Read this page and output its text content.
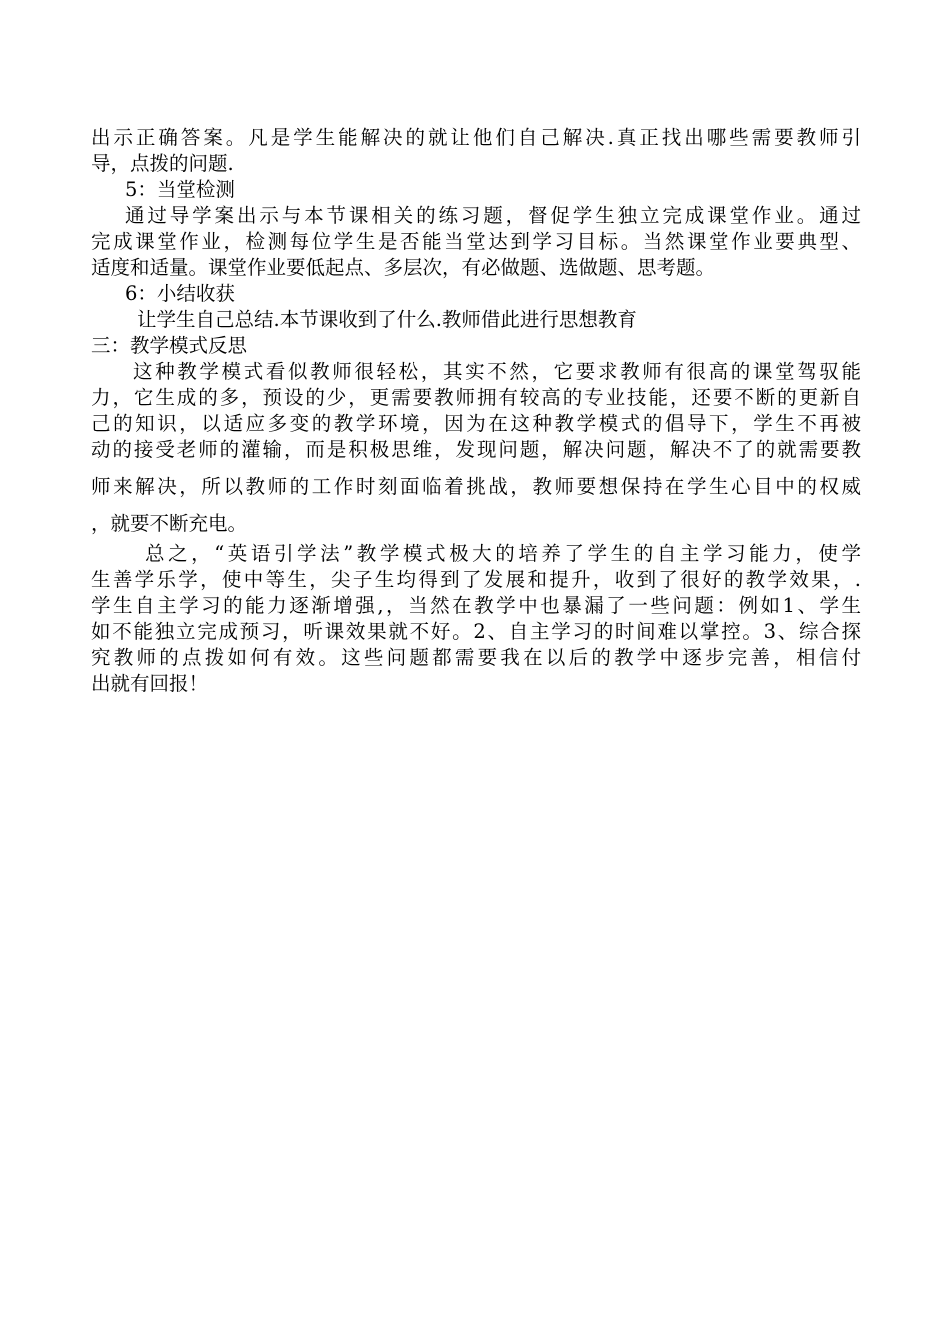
出示正确答案。凡是学生能解决的就让他们自己解决.真正找出哪些需要教师引
导，点拨的问题.
5：当堂检测
通过导学案出示与本节课相关的练习题，督促学生独立完成课堂作业。通过
完成课堂作业，检测每位学生是否能当堂达到学习目标。当然课堂作业要典型、
适度和适量。课堂作业要低起点、多层次，有必做题、选做题、思考题。
6：小结收获
让学生自己总结.本节课收到了什么.教师借此进行思想教育
三：教学模式反思
这种教学模式看似教师很轻松，其实不然，它要求教师有很高的课堂驾驭能
力，它生成的多，预设的少，更需要教师拥有较高的专业技能，还要不断的更新自
己的知识，以适应多变的教学环境，因为在这种教学模式的倡导下，学生不再被
动的接受老师的灌输，而是积极思维，发现问题，解决问题，解决不了的就需要教
师来解决，所以教师的工作时刻面临着挑战，教师要想保持在学生心目中的权威
，就要不断充电。
总之，“英语引学法”教学模式极大的培养了学生的自主学习能力，使学
生善学乐学，使中等生，尖子生均得到了发展和提升，收到了很好的教学效果，.
学生自主学习的能力逐渐增强,，当然在教学中也暴漏了一些问题：例如1、学生
如不能独立完成预习，听课效果就不好。2、自主学习的时间难以掌控。3、综合探
究教师的点拨如何有效。这些问题都需要我在以后的教学中逐步完善，相信付
出就有回报！
